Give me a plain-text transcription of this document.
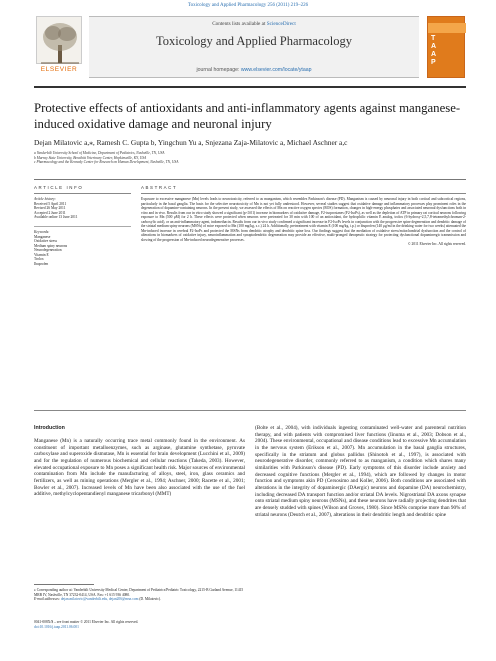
Toxicology and Applied Pharmacology 256 (2011) 219–226
ELSEVIER
Contents lists available at ScienceDirect
Toxicology and Applied Pharmacology
journal homepage: www.elsevier.com/locate/ytaap
T
A
A
P
Protective effects of antioxidants and anti-inflammatory agents against manganese-induced oxidative damage and neuronal injury
Dejan Milatovic a,⁎, Ramesh C. Gupta b, Yingchun Yu a, Snjezana Zaja-Milatovic a, Michael Aschner a,c
a Vanderbilt University School of Medicine, Department of Pediatrics, Nashville, TN, USA
b Murray State University, Breathitt Veterinary Center, Hopkinsville, KY, USA
c Pharmacology and the Kennedy Center for Research on Human Development, Nashville, TN, USA
ARTICLE INFO	ABSTRACT
Article history:
Received 5 April 2011
Revised 26 May 2011
Accepted 2 June 2011
Available online 13 June 2011
Keywords:
Manganese
Oxidative stress
Medium spiny neurons
Neurodegeneration
Vitamin E
Trolox
Ibuprofen
Exposure to excessive manganese (Mn) levels leads to neurotoxicity, referred to as manganism, which resembles Parkinson's disease (PD). Manganism is caused by neuronal injury in both cortical and subcortical regions, particularly in the basal ganglia. The basis for the selective neurotoxicity of Mn is not yet fully understood. However, several studies suggest that oxidative damage and inflammatory processes play prominent roles in the degeneration of dopamine-containing neurons. In the present study, we assessed the effects of Mn on reactive oxygen species (ROS) formation, changes in high-energy phosphates and associated neuronal dysfunctions both in vitro and in vivo. Results from our in vitro study showed a significant (p<0.01) increase in biomarkers of oxidative damage, F2-isoprostanes (F2-IsoPs), as well as the depletion of ATP in primary rat cortical neurons following exposure to Mn (500 μM) for 2 h. These effects were protected when neurons were pretreated for 30 min with 100 of an antioxidant, the hydrophilic vitamin E analog, trolox (6-hydroxy-2,5,7,8-tetramethylchroman-2-carboxylic acid), or an anti-inflammatory agent, indomethacin. Results from our in vivo study confirmed a significant increase in F2-IsoPs levels in conjunction with the progressive spine degeneration and dendritic damage of the striatal medium spiny neurons (MSNs) of mice exposed to Mn (100 mg/kg, s.c.) 24 h. Additionally, pretreatment with vitamin E (100 mg/kg, i.p.) or ibuprofen (140 μg/ml in the drinking water for two weeks) attenuated the Mn-induced increase in cerebral F2-IsoPs and protected the MSNs from dendritic atrophy and dendritic spine loss. Our findings suggest that the mediation of oxidative stress/mitochondrial dysfunction and the control of alterations in biomarkers of oxidative injury, neuroinflammation and synaptodendritic degeneration may provide an effective, multi-pronged therapeutic strategy for protecting dysfunctional dopaminergic transmission and slowing of the progression of Mn-induced neurodegenerative processes.
© 2011 Elsevier Inc. All rights reserved.
Introduction
Manganese (Mn) is a naturally occurring trace metal commonly found in the environment. As constituent of important metalloenzymes, such as arginase, glutamine synthetase, pyruvate carboxylase and superoxide dismutase, Mn is essential for brain development (Lucchini et al., 2009) and for the regulation of numerous biochemical and cellular reactions (Takeda, 2003). However, elevated occupational exposure to Mn poses a significant health risk. Major sources of environmental contamination from Mn include the manufacturing of alloys, steel, iron, glass ceramics and fertilizers, as well as mining operations (Mergler et al., 1994; Aschner, 2000; Racette et al., 2001; Bowler et al., 2007). Increased levels of Mn have been also associated with the use of the fuel additive, methylcyclopentandienyl manganese tricarbonyl (MMT)
(Bolte et al., 2004), with individuals ingesting contaminated well-water and parenteral nutrition therapy, and with patients with compromised liver functions (Iinuma et al., 2003; Dobson et al., 2004). These environmental, occupational and disease conditions lead to excessive Mn accumulation in the nervous system (Erikson et al., 2007). Mn accumulation in the basal ganglia structures, specifically in the striatum and globus pallidus (Shinotoh et al., 1997), is associated with neurodegenerative disorder, commonly referred to as manganism, a condition which shares many similarities with Parkinson's disease (PD). Early symptoms of this disorder include anxiety and decreased cognitive functions (Mergler et al., 1994), which are followed by changes in motor function and symptoms akin PD (Cersosimo and Koller, 2006). Both conditions are associated with alterations in the integrity of dopaminergic (DAergic) neurons and dopamine (DA) neurochemistry, including decreased DA transport function and/or striatal DA levels. Nigrostriatal DA axons synapse onto striatal medium spiny neurons (MSNs), and these neurons have radially projecting dendrites that are densely studded with spines (Wilson and Groves, 1980). Since MSNs comprise more than 90% of striatal neurons (Deutch et al., 2007), alterations in their dendritic length and dendritic spine
⁎ Corresponding author at: Vanderbilt University Medical Center, Department of Pediatrics/Pediatric Toxicology, 2215-B Garland Avenue, 11415 MRB IV, Nashville, TN 37232-0414, USA. Fax: +1 615 936 4080.
E-mail addresses: dejan.milatovic@vanderbilt.edu, dejan206@msn.com (D. Milatovic).
0041-008X/$ – see front matter © 2011 Elsevier Inc. All rights reserved.
doi:10.1016/j.taap.2011.06.001
